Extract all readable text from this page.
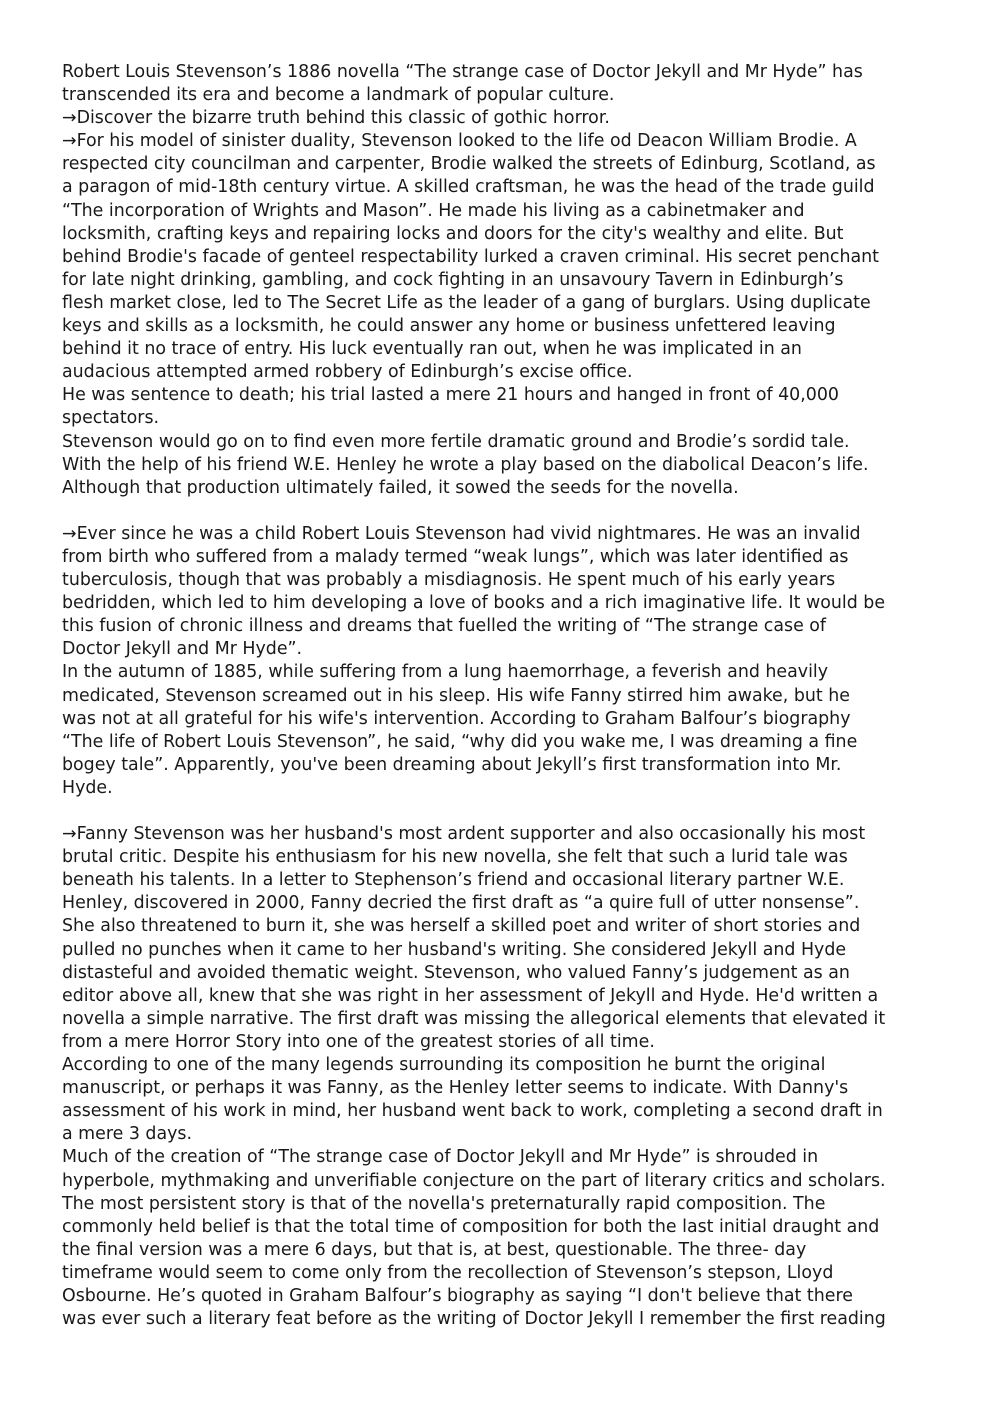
Robert Louis Stevenson’s 1886 novella “The strange case of Doctor Jekyll and Mr Hyde” has
transcended its era and become a landmark of popular culture.
→Discover the bizarre truth behind this classic of gothic horror.
→For his model of sinister duality, Stevenson looked to the life od Deacon William Brodie. A
respected city councilman and carpenter, Brodie walked the streets of Edinburg, Scotland, as
a paragon of mid-18th century virtue. A skilled craftsman, he was the head of the trade guild
“The incorporation of Wrights and Mason”. He made his living as a cabinetmaker and
locksmith, crafting keys and repairing locks and doors for the city's wealthy and elite. But
behind Brodie's facade of genteel respectability lurked a craven criminal. His secret penchant
for late night drinking, gambling, and cock fighting in an unsavoury Tavern in Edinburgh’s
flesh market close, led to The Secret Life as the leader of a gang of burglars. Using duplicate
keys and skills as a locksmith, he could answer any home or business unfettered leaving
behind it no trace of entry. His luck eventually ran out, when he was implicated in an
audacious attempted armed robbery of Edinburgh’s excise office.
He was sentence to death; his trial lasted a mere 21 hours and hanged in front of 40,000
spectators.
Stevenson would go on to find even more fertile dramatic ground and Brodie’s sordid tale.
With the help of his friend W.E. Henley he wrote a play based on the diabolical Deacon’s life.
Although that production ultimately failed, it sowed the seeds for the novella.
→Ever since he was a child Robert Louis Stevenson had vivid nightmares. He was an invalid
from birth who suffered from a malady termed “weak lungs”, which was later identified as
tuberculosis, though that was probably a misdiagnosis. He spent much of his early years
bedridden, which led to him developing a love of books and a rich imaginative life. It would be
this fusion of chronic illness and dreams that fuelled the writing of “The strange case of
Doctor Jekyll and Mr Hyde”.
In the autumn of 1885, while suffering from a lung haemorrhage, a feverish and heavily
medicated, Stevenson screamed out in his sleep. His wife Fanny stirred him awake, but he
was not at all grateful for his wife's intervention. According to Graham Balfour’s biography
“The life of Robert Louis Stevenson”, he said, “why did you wake me, I was dreaming a fine
bogey tale”. Apparently, you've been dreaming about Jekyll’s first transformation into Mr.
Hyde.
→Fanny Stevenson was her husband's most ardent supporter and also occasionally his most
brutal critic. Despite his enthusiasm for his new novella, she felt that such a lurid tale was
beneath his talents. In a letter to Stephenson’s friend and occasional literary partner W.E.
Henley, discovered in 2000, Fanny decried the first draft as “a quire full of utter nonsense”.
She also threatened to burn it, she was herself a skilled poet and writer of short stories and
pulled no punches when it came to her husband's writing. She considered Jekyll and Hyde
distasteful and avoided thematic weight. Stevenson, who valued Fanny’s judgement as an
editor above all, knew that she was right in her assessment of Jekyll and Hyde. He'd written a
novella a simple narrative. The first draft was missing the allegorical elements that elevated it
from a mere Horror Story into one of the greatest stories of all time.
According to one of the many legends surrounding its composition he burnt the original
manuscript, or perhaps it was Fanny, as the Henley letter seems to indicate. With Danny's
assessment of his work in mind, her husband went back to work, completing a second draft in
a mere 3 days.
Much of the creation of “The strange case of Doctor Jekyll and Mr Hyde” is shrouded in
hyperbole, mythmaking and unverifiable conjecture on the part of literary critics and scholars.
The most persistent story is that of the novella's preternaturally rapid composition. The
commonly held belief is that the total time of composition for both the last initial draught and
the final version was a mere 6 days, but that is, at best, questionable. The three- day
timeframe would seem to come only from the recollection of Stevenson’s stepson, Lloyd
Osbourne. He’s quoted in Graham Balfour’s biography as saying “I don't believe that there
was ever such a literary feat before as the writing of Doctor Jekyll I remember the first reading
